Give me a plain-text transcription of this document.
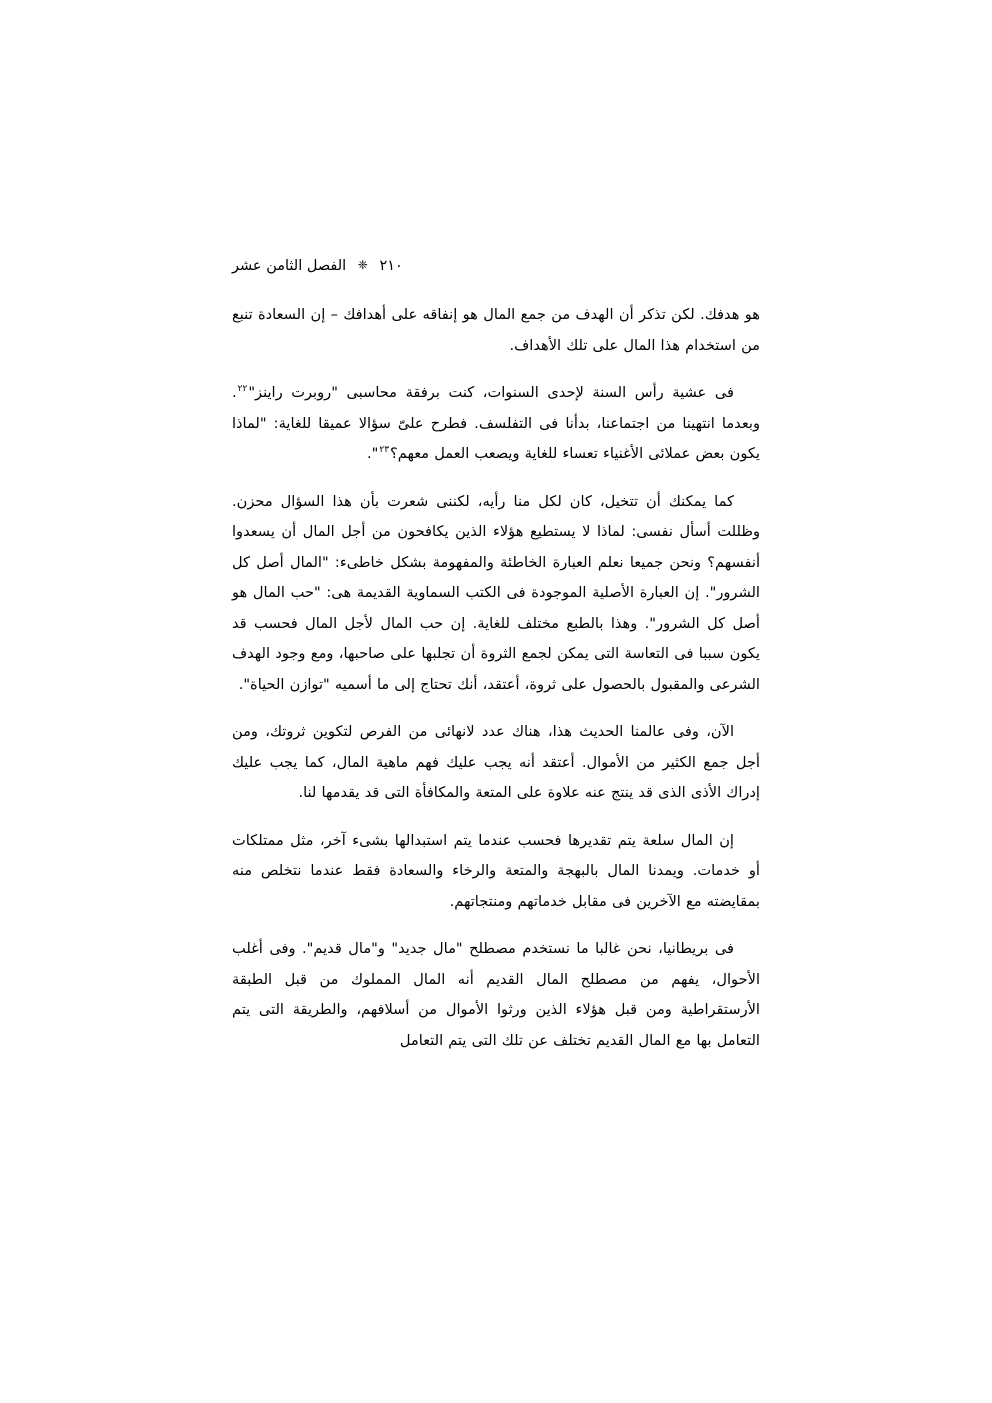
٢١٠ ❈ الفصل الثامن عشر

هو هدفك. لكن تذكر أن الهدف من جمع المال هو إنفاقه على أهدافك – إن السعادة تنبع من استخدام هذا المال على تلك الأهداف.

فى عشية رأس السنة لإحدى السنوات، كنت برفقة محاسبى "روبرت راينز"$^{٢٢}$. وبعدما انتهينا من اجتماعنا، بدأنا فى التفلسف. فطرح علىّ سؤالا عميقا للغاية: "لماذا يكون بعض عملائى الأغنياء تعساء للغاية ويصعب العمل معهم؟$^{٢٣}$".

كما يمكنك أن تتخيل، كان لكل منا رأيه، لكننى شعرت بأن هذا السؤال محزن. وظللت أسأل نفسى: لماذا لا يستطيع هؤلاء الذين يكافحون من أجل المال أن يسعدوا أنفسهم؟ ونحن جميعا نعلم العبارة الخاطئة والمفهومة بشكل خاطىء: "المال أصل كل الشرور". إن العبارة الأصلية الموجودة فى الكتب السماوية القديمة هى: "حب المال هو أصل كل الشرور". وهذا بالطبع مختلف للغاية. إن حب المال لأجل المال فحسب قد يكون سببا فى التعاسة التى يمكن لجمع الثروة أن تجلبها على صاحبها، ومع وجود الهدف الشرعى والمقبول بالحصول على ثروة، أعتقد، أنك تحتاج إلى ما أسميه "توازن الحياة".

الآن، وفى عالمنا الحديث هذا، هناك عدد لانهائى من الفرص لتكوين ثروتك، ومن أجل جمع الكثير من الأموال. أعتقد أنه يجب عليك فهم ماهية المال، كما يجب عليك إدراك الأذى الذى قد ينتج عنه علاوة على المتعة والمكافأة التى قد يقدمها لنا.

إن المال سلعة يتم تقديرها فحسب عندما يتم استبدالها بشىء آخر، مثل ممتلكات أو خدمات. ويمدنا المال بالبهجة والمتعة والرخاء والسعادة فقط عندما نتخلص منه بمقايضته مع الآخرين فى مقابل خدماتهم ومنتجاتهم.

فى بريطانيا، نحن غالبا ما نستخدم مصطلح "مال جديد" و"مال قديم". وفى أغلب الأحوال، يفهم من مصطلح المال القديم أنه المال المملوك من قبل الطبقة الأرستقراطية ومن قبل هؤلاء الذين ورثوا الأموال من أسلافهم، والطريقة التى يتم التعامل بها مع المال القديم تختلف عن تلك التى يتم التعامل
